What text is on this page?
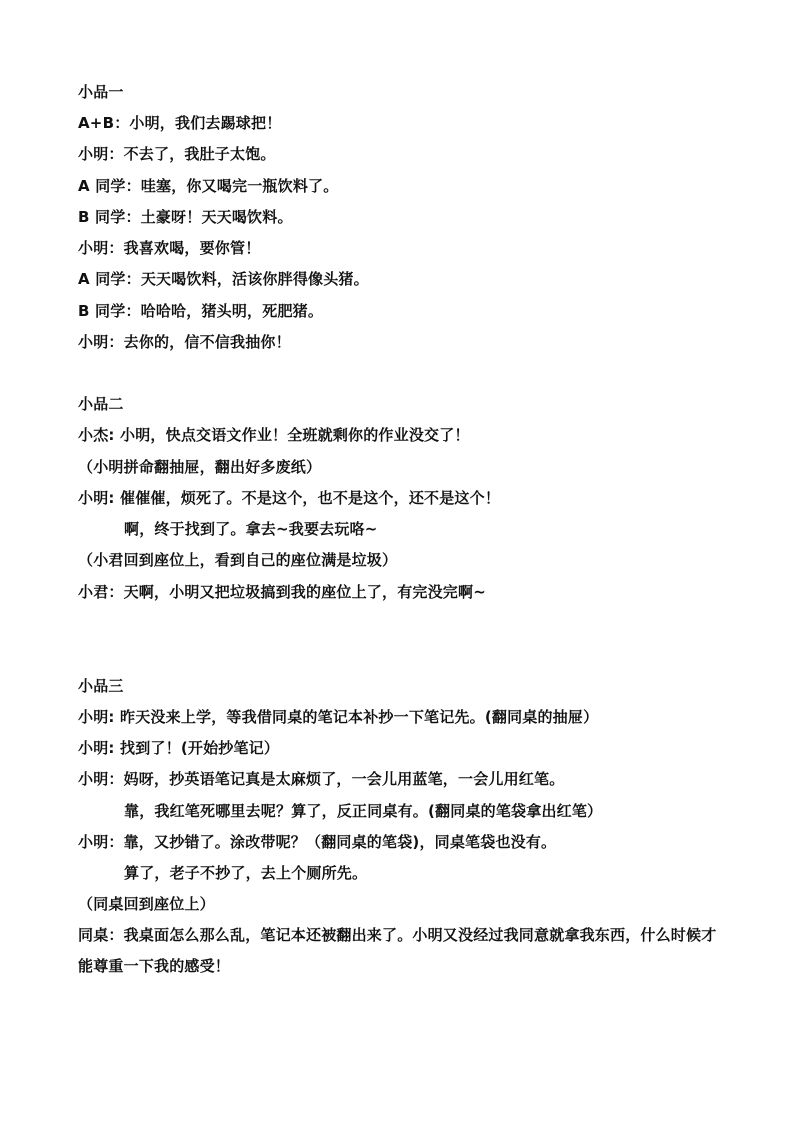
小品一
A+B：小明，我们去踢球把！
小明：不去了，我肚子太饱。
A 同学：哇塞，你又喝完一瓶饮料了。
B 同学：土豪呀！天天喝饮料。
小明：我喜欢喝，要你管！
A 同学：天天喝饮料，活该你胖得像头猪。
B 同学：哈哈哈，猪头明，死肥猪。
小明：去你的，信不信我抽你！
小品二
小杰: 小明，快点交语文作业！全班就剩你的作业没交了！
（小明拼命翻抽屉，翻出好多废纸）
小明: 催催催，烦死了。不是这个，也不是这个，还不是这个！
啊，终于找到了。拿去~我要去玩咯~
（小君回到座位上，看到自己的座位满是垃圾）
小君：天啊，小明又把垃圾搞到我的座位上了，有完没完啊~
小品三
小明: 昨天没来上学，等我借同桌的笔记本补抄一下笔记先。(翻同桌的抽屉）
小明: 找到了！(开始抄笔记）
小明：妈呀，抄英语笔记真是太麻烦了，一会儿用蓝笔，一会儿用红笔。
靠，我红笔死哪里去呢？算了，反正同桌有。(翻同桌的笔袋拿出红笔）
小明：靠，又抄错了。涂改带呢？（翻同桌的笔袋)，同桌笔袋也没有。
算了，老子不抄了，去上个厕所先。
（同桌回到座位上）
同桌：我桌面怎么那么乱，笔记本还被翻出来了。小明又没经过我同意就拿我东西，什么时候才能尊重一下我的感受！
